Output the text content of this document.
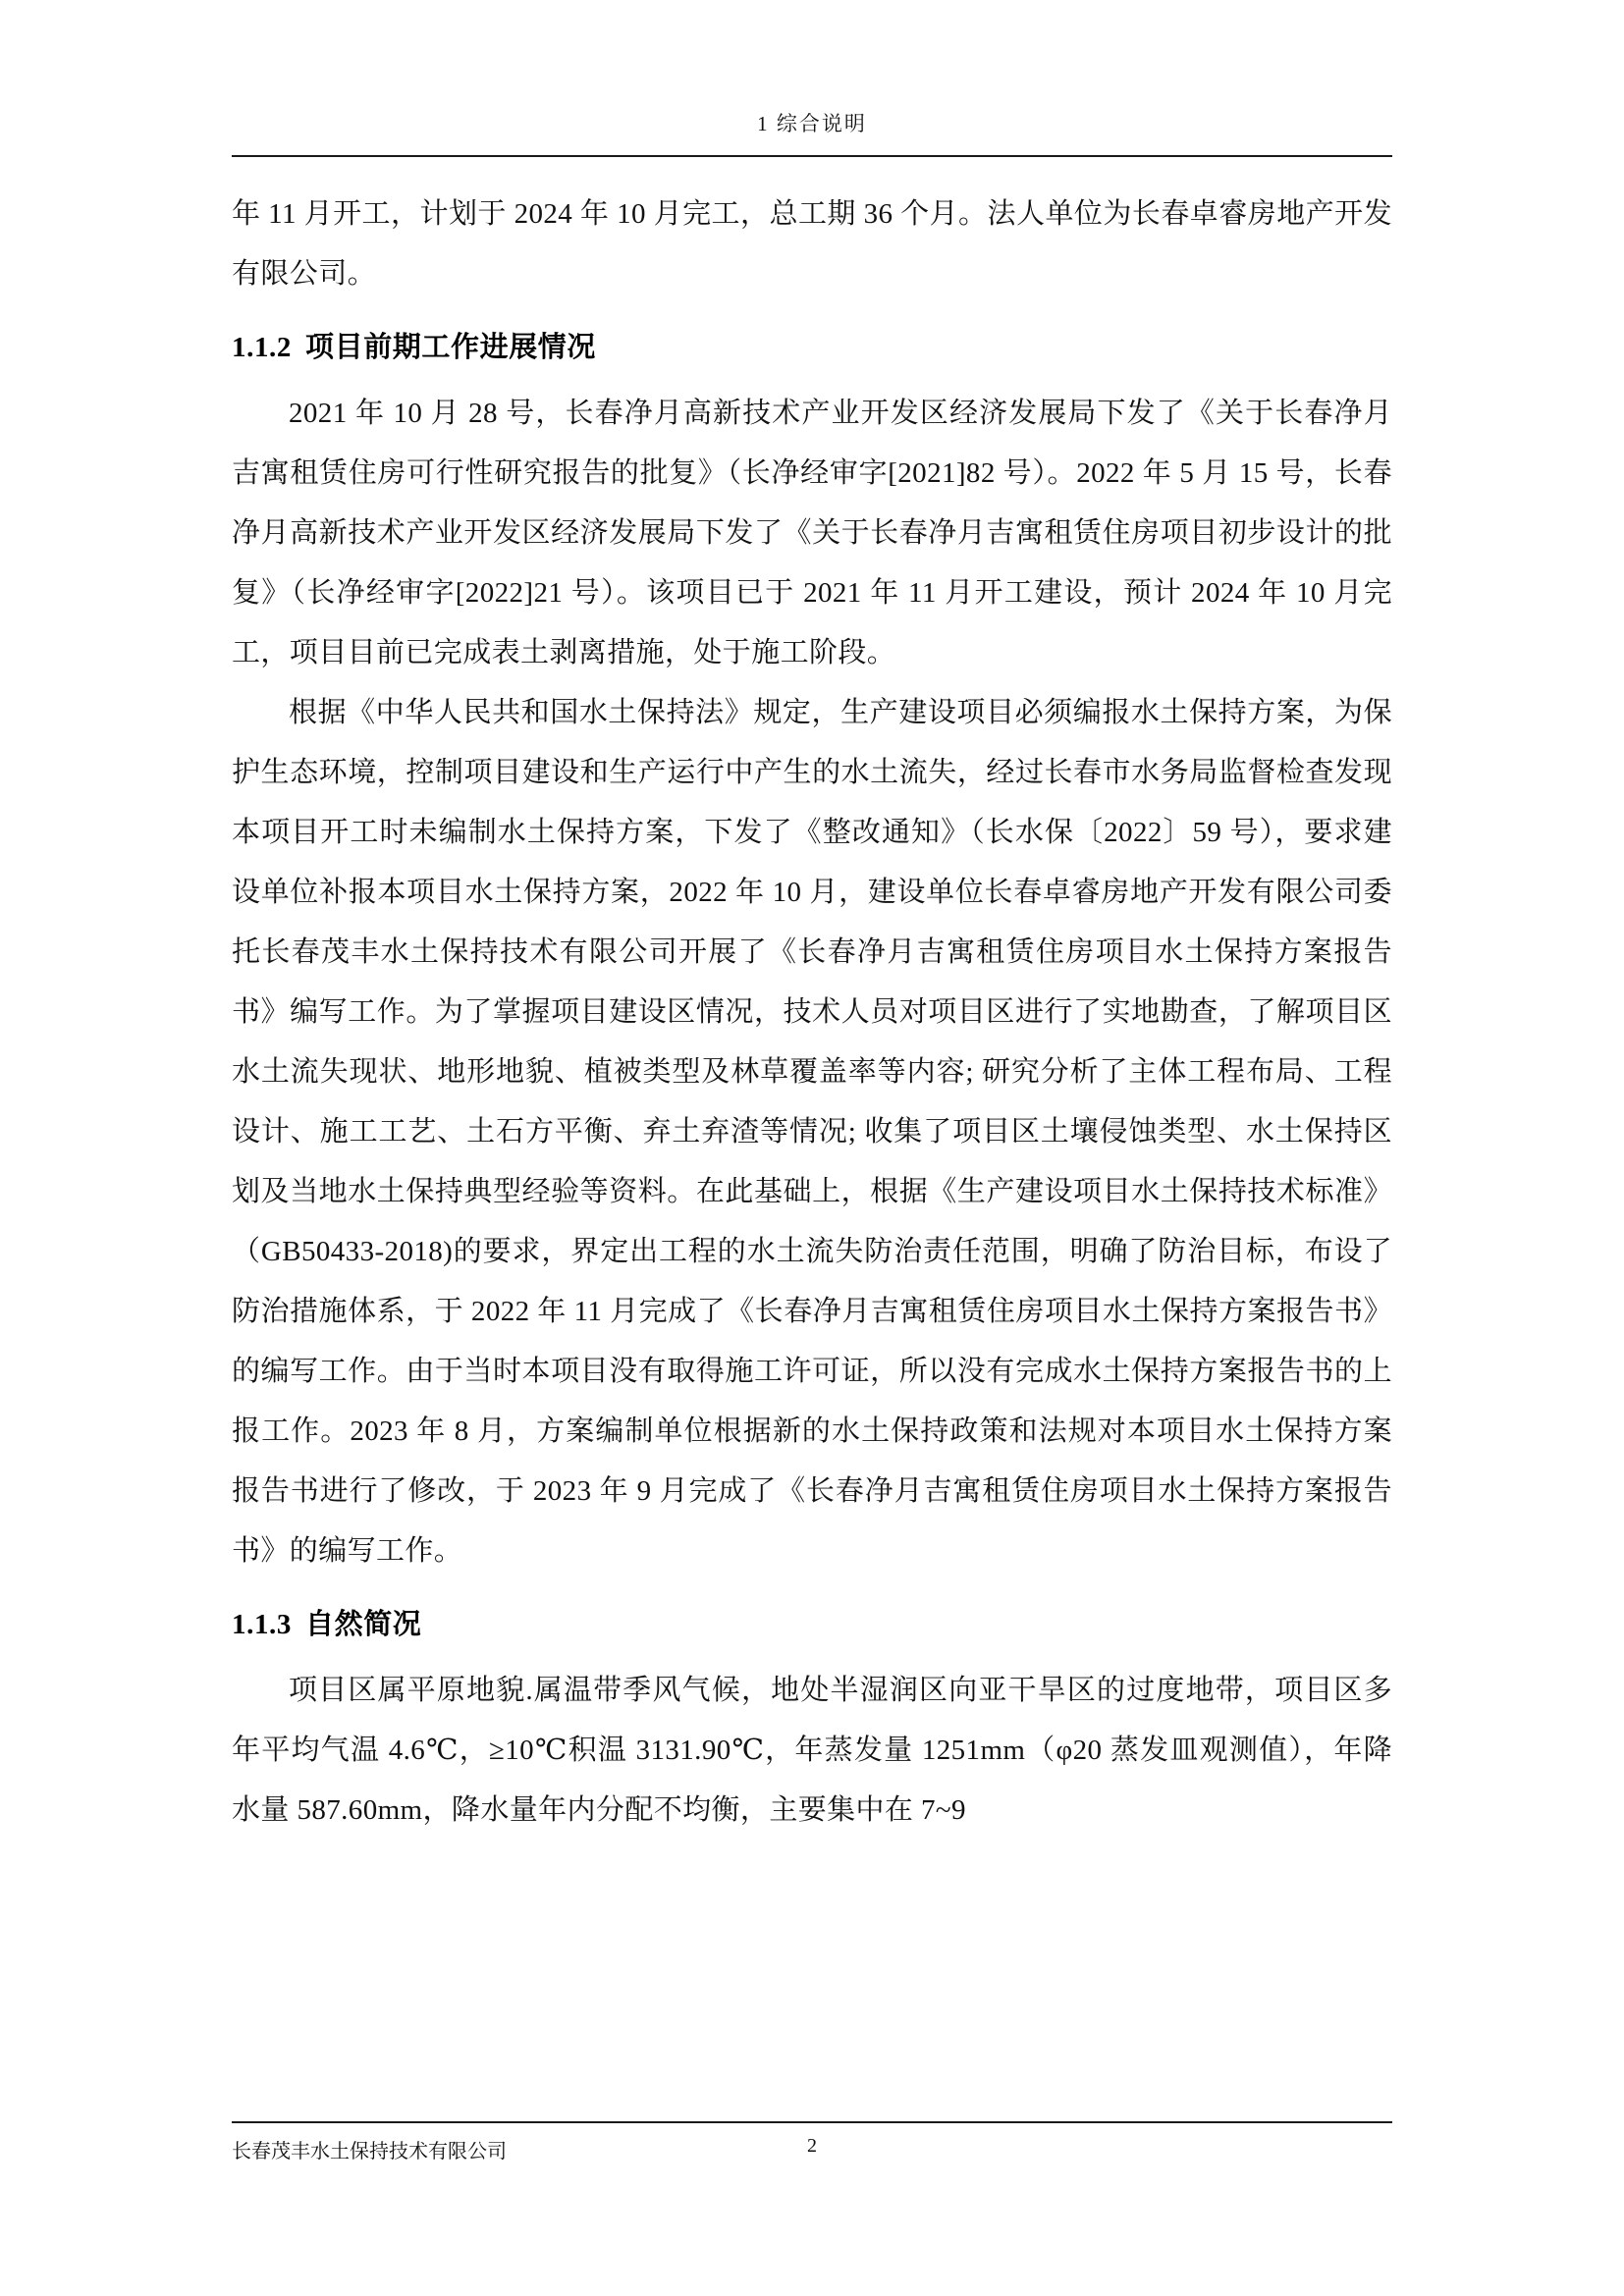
1 综合说明

年 11 月开工，计划于 2024 年 10 月完工，总工期 36 个月。法人单位为长春卓睿房地产开发有限公司。

1.1.2 项目前期工作进展情况

2021 年 10 月 28 号，长春净月高新技术产业开发区经济发展局下发了《关于长春净月吉寓租赁住房可行性研究报告的批复》（长净经审字[2021]82 号）。2022 年 5 月 15 号，长春净月高新技术产业开发区经济发展局下发了《关于长春净月吉寓租赁住房项目初步设计的批复》（长净经审字[2022]21 号）。该项目已于 2021 年 11 月开工建设，预计 2024 年 10 月完工，项目目前已完成表土剥离措施，处于施工阶段。

根据《中华人民共和国水土保持法》规定，生产建设项目必须编报水土保持方案，为保护生态环境，控制项目建设和生产运行中产生的水土流失，经过长春市水务局监督检查发现本项目开工时未编制水土保持方案，下发了《整改通知》（长水保〔2022〕59 号），要求建设单位补报本项目水土保持方案，2022 年 10 月，建设单位长春卓睿房地产开发有限公司委托长春茂丰水土保持技术有限公司开展了《长春净月吉寓租赁住房项目水土保持方案报告书》编写工作。为了掌握项目建设区情况，技术人员对项目区进行了实地勘查，了解项目区水土流失现状、地形地貌、植被类型及林草覆盖率等内容; 研究分析了主体工程布局、工程设计、施工工艺、土石方平衡、弃土弃渣等情况; 收集了项目区土壤侵蚀类型、水土保持区划及当地水土保持典型经验等资料。在此基础上，根据《生产建设项目水土保持技术标准》（GB50433-2018)的要求，界定出工程的水土流失防治责任范围，明确了防治目标，布设了防治措施体系，于 2022 年 11 月完成了《长春净月吉寓租赁住房项目水土保持方案报告书》的编写工作。由于当时本项目没有取得施工许可证，所以没有完成水土保持方案报告书的上报工作。2023 年 8 月，方案编制单位根据新的水土保持政策和法规对本项目水土保持方案报告书进行了修改，于 2023 年 9 月完成了《长春净月吉寓租赁住房项目水土保持方案报告书》的编写工作。

1.1.3 自然简况

项目区属平原地貌.属温带季风气候，地处半湿润区向亚干旱区的过度地带，项目区多年平均气温 4.6℃，≥10℃积温 3131.90℃，年蒸发量 1251mm（φ20 蒸发皿观测值），年降水量 587.60mm，降水量年内分配不均衡，主要集中在 7~9

长春茂丰水土保持技术有限公司	2
